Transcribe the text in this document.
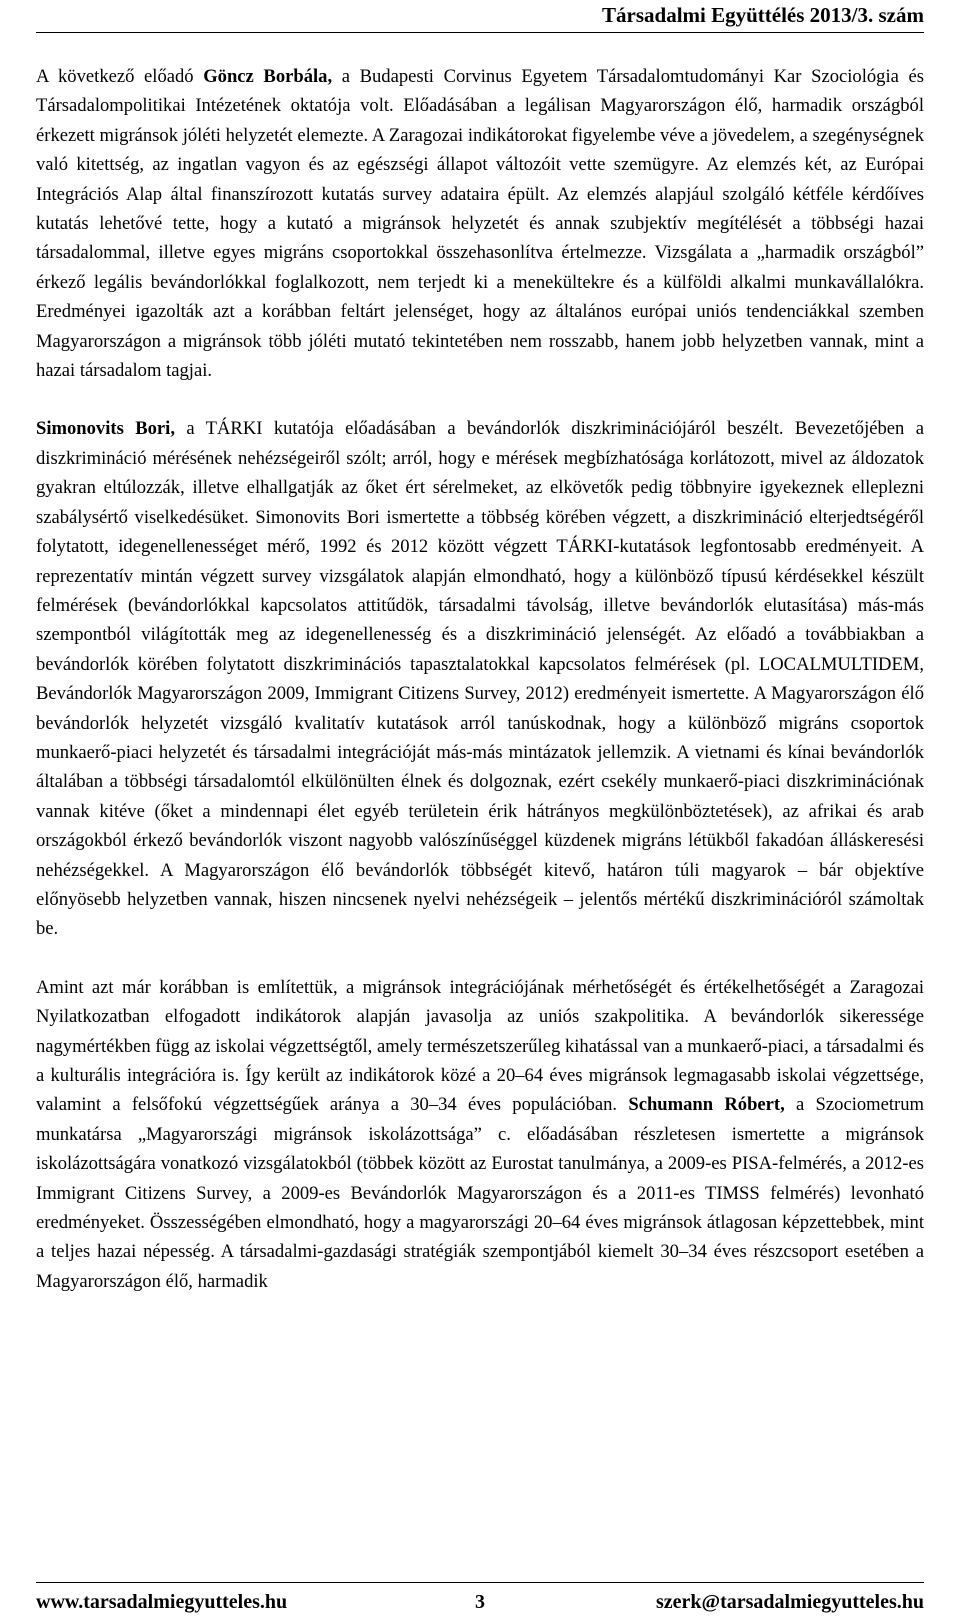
Társadalmi Együttélés 2013/3. szám

A következő előadó Göncz Borbála, a Budapesti Corvinus Egyetem Társadalomtudományi Kar Szociológia és Társadalompolitikai Intézetének oktatója volt. Előadásában a legálisan Magyarországon élő, harmadik országból érkezett migránsok jóléti helyzetét elemezte. A Zaragozai indikátorokat figyelembe véve a jövedelem, a szegénységnek való kitettség, az ingatlan vagyon és az egészségi állapot változóit vette szemügyre. Az elemzés két, az Európai Integrációs Alap által finanszírozott kutatás survey adataira épült. Az elemzés alapjául szolgáló kétféle kérdőíves kutatás lehetővé tette, hogy a kutató a migránsok helyzetét és annak szubjektív megítélését a többségi hazai társadalommal, illetve egyes migráns csoportokkal összehasonlítva értelmezze. Vizsgálata a „harmadik országból” érkező legális bevándorlókkal foglalkozott, nem terjedt ki a menekültekre és a külföldi alkalmi munkavállalókra. Eredményei igazolták azt a korábban feltárt jelenséget, hogy az általános európai uniós tendenciákkal szemben Magyarországon a migránsok több jóléti mutató tekintetében nem rosszabb, hanem jobb helyzetben vannak, mint a hazai társadalom tagjai.

Simonovits Bori, a TÁRKI kutatója előadásában a bevándorlók diszkriminációjáról beszélt. Bevezetőjében a diszkrimináció mérésének nehézségeiről szólt; arról, hogy e mérések megbízhatósága korlátozott, mivel az áldozatok gyakran eltúlozzák, illetve elhallgatják az őket ért sérelmeket, az elkövetők pedig többnyire igyekeznek elleplezni szabálysértő viselkedésüket. Simonovits Bori ismertette a többség körében végzett, a diszkrimináció elterjedtségéről folytatott, idegenellenességet mérő, 1992 és 2012 között végzett TÁRKI-kutatások legfontosabb eredményeit. A reprezentatív mintán végzett survey vizsgálatok alapján elmondható, hogy a különböző típusú kérdésekkel készült felmérések (bevándorlókkal kapcsolatos attitűdök, társadalmi távolság, illetve bevándorlók elutasítása) más-más szempontból világították meg az idegenellenesség és a diszkrimináció jelenségét. Az előadó a továbbiakban a bevándorlók körében folytatott diszkriminációs tapasztalatokkal kapcsolatos felmérések (pl. LOCALMULTIDEM, Bevándorlók Magyarországon 2009, Immigrant Citizens Survey, 2012) eredményeit ismertette. A Magyarországon élő bevándorlók helyzetét vizsgáló kvalitatív kutatások arról tanúskodnak, hogy a különböző migráns csoportok munkaerő-piaci helyzetét és társadalmi integrációját más-más mintázatok jellemzik. A vietnami és kínai bevándorlók általában a többségi társadalomtól elkülönülten élnek és dolgoznak, ezért csekély munkaerő-piaci diszkriminációnak vannak kitéve (őket a mindennapi élet egyéb területein érik hátrányos megkülönböztetések), az afrikai és arab országokból érkező bevándorlók viszont nagyobb valószínűséggel küzdenek migráns létükből fakadóan álláskeresési nehézségekkel. A Magyarországon élő bevándorlók többségét kitevő, határon túli magyarok – bár objektíve előnyösebb helyzetben vannak, hiszen nincsenek nyelvi nehézségeik – jelentős mértékű diszkriminációról számoltak be.

Amint azt már korábban is említettük, a migránsok integrációjának mérhetőségét és értékelhetőségét a Zaragozai Nyilatkozatban elfogadott indikátorok alapján javasolja az uniós szakpolitika. A bevándorlók sikeressége nagymértékben függ az iskolai végzettségtől, amely természetszerűleg kihatással van a munkaerő-piaci, a társadalmi és a kulturális integrációra is. Így került az indikátorok közé a 20–64 éves migránsok legmagasabb iskolai végzettsége, valamint a felsőfokú végzettségűek aránya a 30–34 éves populációban. Schumann Róbert, a Szociometrum munkatársa „Magyarországi migránsok iskolázottsága” c. előadásában részletesen ismertette a migránsok iskolázottságára vonatkozó vizsgálatokból (többek között az Eurostat tanulmánya, a 2009-es PISA-felmérés, a 2012-es Immigrant Citizens Survey, a 2009-es Bevándorlók Magyarországon és a 2011-es TIMSS felmérés) levonható eredményeket. Összességében elmondható, hogy a magyarországi 20–64 éves migránsok átlagosan képzettebbek, mint a teljes hazai népesség. A társadalmi-gazdasági stratégiák szempontjából kiemelt 30–34 éves részcsoport esetében a Magyarországon élő, harmadik

www.tarsadalmiegyutteles.hu	3	szerk@tarsadalmiegyutteles.hu
